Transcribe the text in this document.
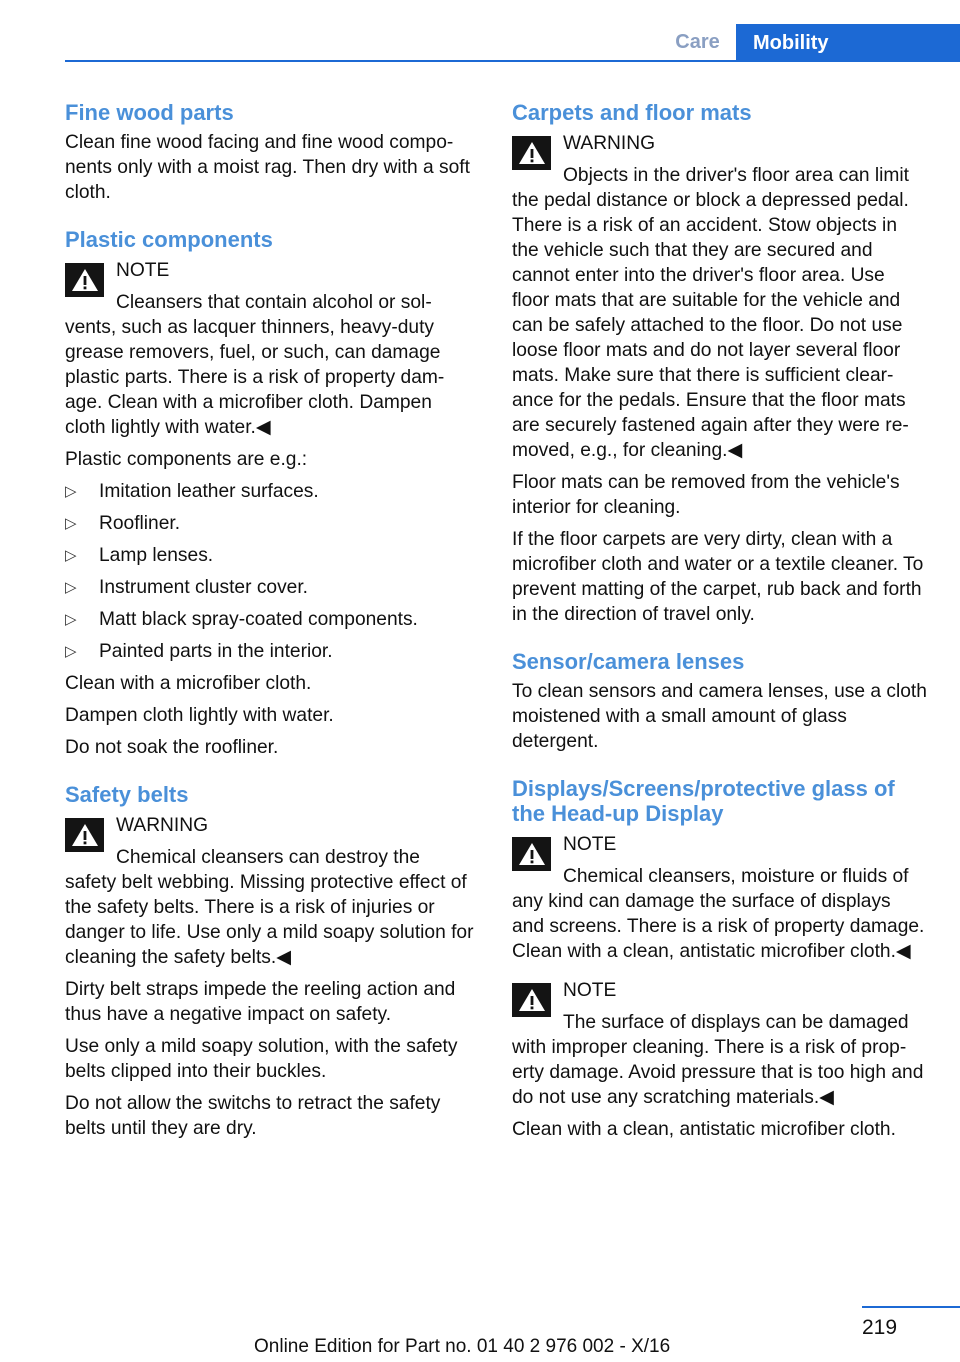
Care	Mobility
Fine wood parts

Clean fine wood facing and fine wood components only with a moist rag. Then dry with a soft cloth.

Plastic components
NOTE
Cleansers that contain alcohol or solvents, such as lacquer thinners, heavy-duty grease removers, fuel, or such, can damage plastic parts. There is a risk of property damage. Clean with a microfiber cloth. Dampen cloth lightly with water.◀

Plastic components are e.g.:

▷ Imitation leather surfaces.
▷ Roofliner.
▷ Lamp lenses.
▷ Instrument cluster cover.
▷ Matt black spray-coated components.
▷ Painted parts in the interior.

Clean with a microfiber cloth.

Dampen cloth lightly with water.

Do not soak the roofliner.

Safety belts
WARNING
Chemical cleansers can destroy the safety belt webbing. Missing protective effect of the safety belts. There is a risk of injuries or danger to life. Use only a mild soapy solution for cleaning the safety belts.◀

Dirty belt straps impede the reeling action and thus have a negative impact on safety.

Use only a mild soapy solution, with the safety belts clipped into their buckles.

Do not allow the switchs to retract the safety belts until they are dry.

Carpets and floor mats
WARNING
Objects in the driver's floor area can limit the pedal distance or block a depressed pedal. There is a risk of an accident. Stow objects in the vehicle such that they are secured and cannot enter into the driver's floor area. Use floor mats that are suitable for the vehicle and can be safely attached to the floor. Do not use loose floor mats and do not layer several floor mats. Make sure that there is sufficient clearance for the pedals. Ensure that the floor mats are securely fastened again after they were removed, e.g., for cleaning.◀

Floor mats can be removed from the vehicle's interior for cleaning.

If the floor carpets are very dirty, clean with a microfiber cloth and water or a textile cleaner. To prevent matting of the carpet, rub back and forth in the direction of travel only.

Sensor/camera lenses

To clean sensors and camera lenses, use a cloth moistened with a small amount of glass detergent.

Displays/Screens/protective glass of the Head-up Display
NOTE
Chemical cleansers, moisture or fluids of any kind can damage the surface of displays and screens. There is a risk of property damage. Clean with a clean, antistatic microfiber cloth.◀
NOTE
The surface of displays can be damaged with improper cleaning. There is a risk of property damage. Avoid pressure that is too high and do not use any scratching materials.◀

Clean with a clean, antistatic microfiber cloth.

219
Online Edition for Part no. 01 40 2 976 002 - X/16
